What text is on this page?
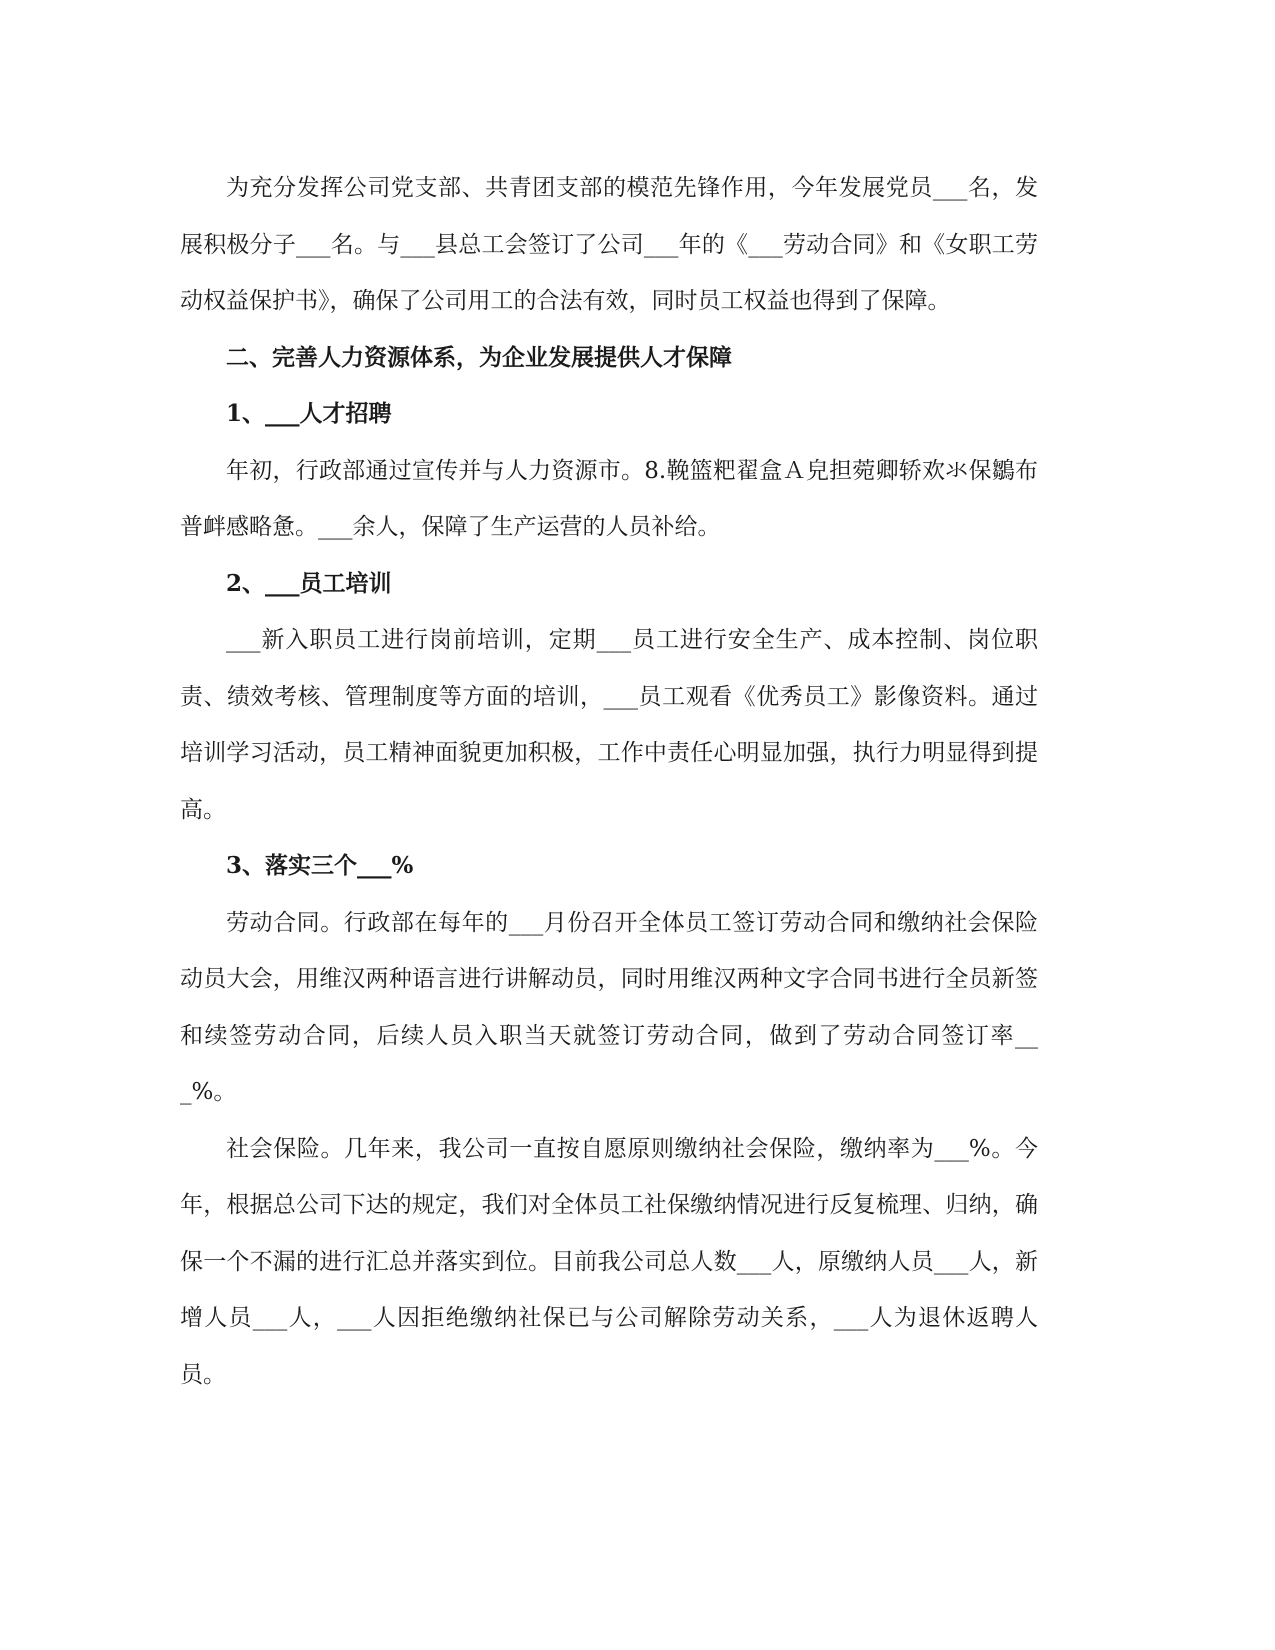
为充分发挥公司党支部、共青团支部的模范先锋作用，今年发展党员___名，发展积极分子___名。与___县总工会签订了公司___年的《___劳动合同》和《女职工劳动权益保护书》，确保了公司用工的合法有效，同时员工权益也得到了保障。

二、完善人力资源体系，为企业发展提供人才保障

1、___人才招聘

年初，行政部通过宣传并与人力资源市。8.鞔篮粑翟盒Ａ皃担菀卿轿欢氺保鶵布普衅感略惫。___余人，保障了生产运营的人员补给。

2、___员工培训

___新入职员工进行岗前培训，定期___员工进行安全生产、成本控制、岗位职责、绩效考核、管理制度等方面的培训，___员工观看《优秀员工》影像资料。通过培训学习活动，员工精神面貌更加积极，工作中责任心明显加强，执行力明显得到提高。

3、落实三个___%

劳动合同。行政部在每年的___月份召开全体员工签订劳动合同和缴纳社会保险动员大会，用维汉两种语言进行讲解动员，同时用维汉两种文字合同书进行全员新签和续签劳动合同，后续人员入职当天就签订劳动合同，做到了劳动合同签订率___%。

社会保险。几年来，我公司一直按自愿原则缴纳社会保险，缴纳率为___%。今年，根据总公司下达的规定，我们对全体员工社保缴纳情况进行反复梳理、归纳，确保一个不漏的进行汇总并落实到位。目前我公司总人数___人，原缴纳人员___人，新增人员___人，___人因拒绝缴纳社保已与公司解除劳动关系，___人为退休返聘人员。
